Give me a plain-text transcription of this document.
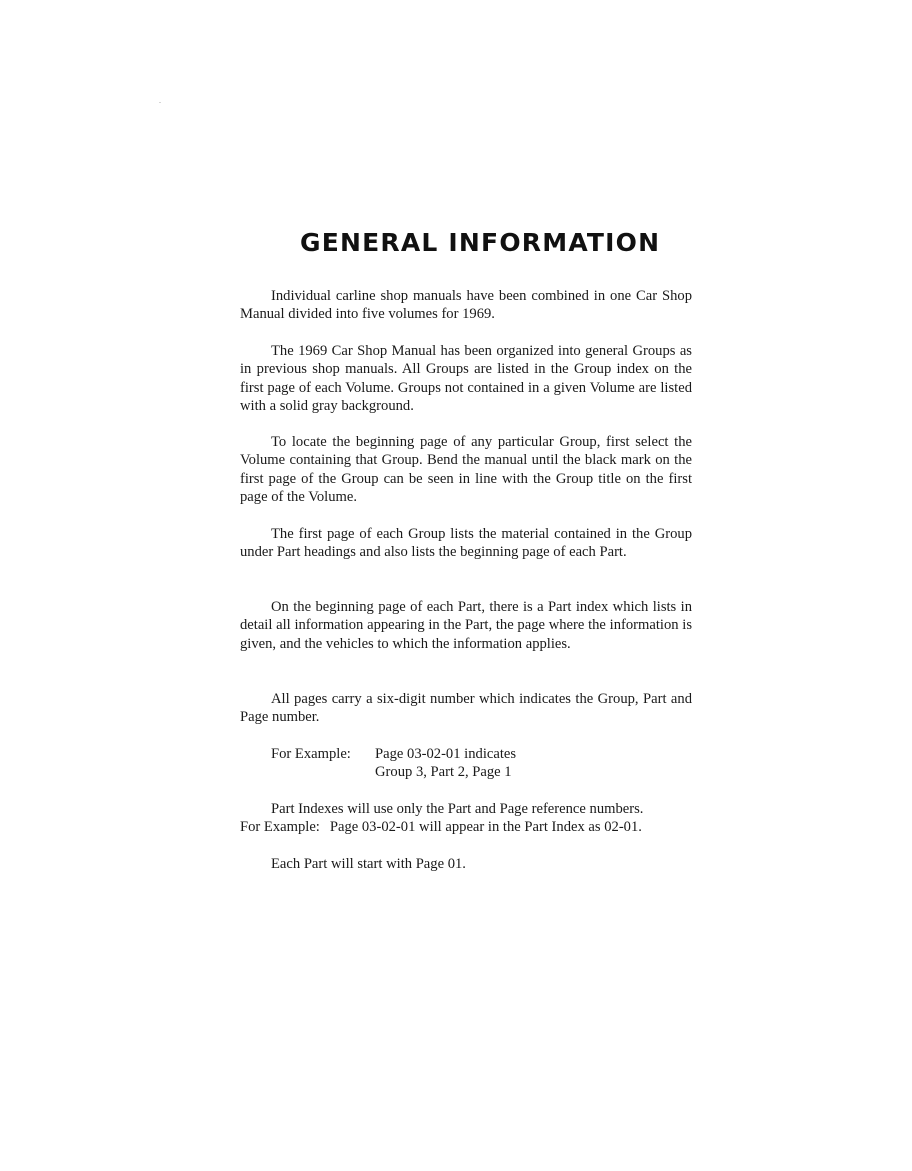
GENERAL INFORMATION

Individual carline shop manuals have been combined in one Car Shop Manual divided into five volumes for 1969.

The 1969 Car Shop Manual has been organized into general Groups as in previous shop manuals. All Groups are listed in the Group index on the first page of each Volume. Groups not contained in a given Volume are listed with a solid gray background.

To locate the beginning page of any particular Group, first select the Volume containing that Group. Bend the manual until the black mark on the first page of the Group can be seen in line with the Group title on the first page of the Volume.

The first page of each Group lists the material contained in the Group under Part headings and also lists the beginning page of each Part.

On the beginning page of each Part, there is a Part index which lists in detail all information appearing in the Part, the page where the information is given, and the vehicles to which the information applies.

All pages carry a six-digit number which indicates the Group, Part and Page number.

For Example:	Page 03-02-01 indicates
Group 3, Part 2, Page 1
Part Indexes will use only the Part and Page reference numbers.
For Example: Page 03-02-01 will appear in the Part Index as 02-01.

Each Part will start with Page 01.
